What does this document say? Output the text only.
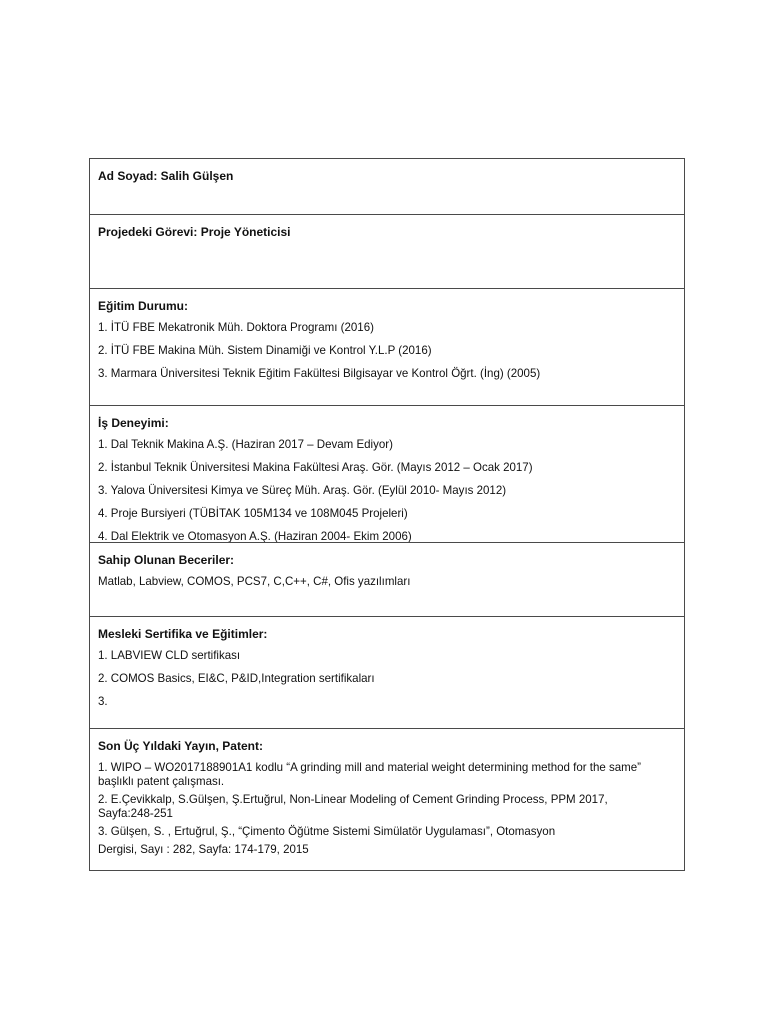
Ad Soyad: Salih Gülşen
Projedeki Görevi: Proje Yöneticisi
Eğitim Durumu:
1. İTÜ FBE Mekatronik Müh. Doktora Programı (2016)
2. İTÜ FBE Makina Müh. Sistem Dinamiği ve Kontrol Y.L.P (2016)
3. Marmara Üniversitesi Teknik Eğitim Fakültesi Bilgisayar ve Kontrol Öğrt. (İng) (2005)
İş Deneyimi:
1. Dal Teknik Makina A.Ş. (Haziran 2017 – Devam Ediyor)
2. İstanbul Teknik Üniversitesi Makina Fakültesi Araş. Gör. (Mayıs 2012 – Ocak 2017)
3. Yalova Üniversitesi Kimya ve Süreç Müh. Araş. Gör. (Eylül 2010- Mayıs 2012)
4. Proje Bursiyeri (TÜBİTAK 105M134 ve 108M045 Projeleri)
4. Dal Elektrik ve Otomasyon A.Ş. (Haziran 2004- Ekim 2006)
Sahip Olunan Beceriler:
Matlab, Labview, COMOS, PCS7, C,C++, C#, Ofis yazılımları
Mesleki Sertifika ve Eğitimler:
1. LABVIEW CLD sertifikası
2. COMOS Basics, EI&C, P&ID,Integration sertifikaları
3.
Son Üç Yıldaki Yayın, Patent:
1. WIPO – WO2017188901A1 kodlu “A grinding mill and material weight determining method for the same” başlıklı patent çalışması.
2. E.Çevikkalp, S.Gülşen, Ş.Ertuğrul, Non-Linear Modeling of Cement Grinding Process, PPM 2017, Sayfa:248-251
3. Gülşen, S. , Ertuğrul, Ş., “Çimento Öğütme Sistemi Simülatör Uygulaması”, Otomasyon
Dergisi, Sayı : 282, Sayfa: 174-179, 2015
